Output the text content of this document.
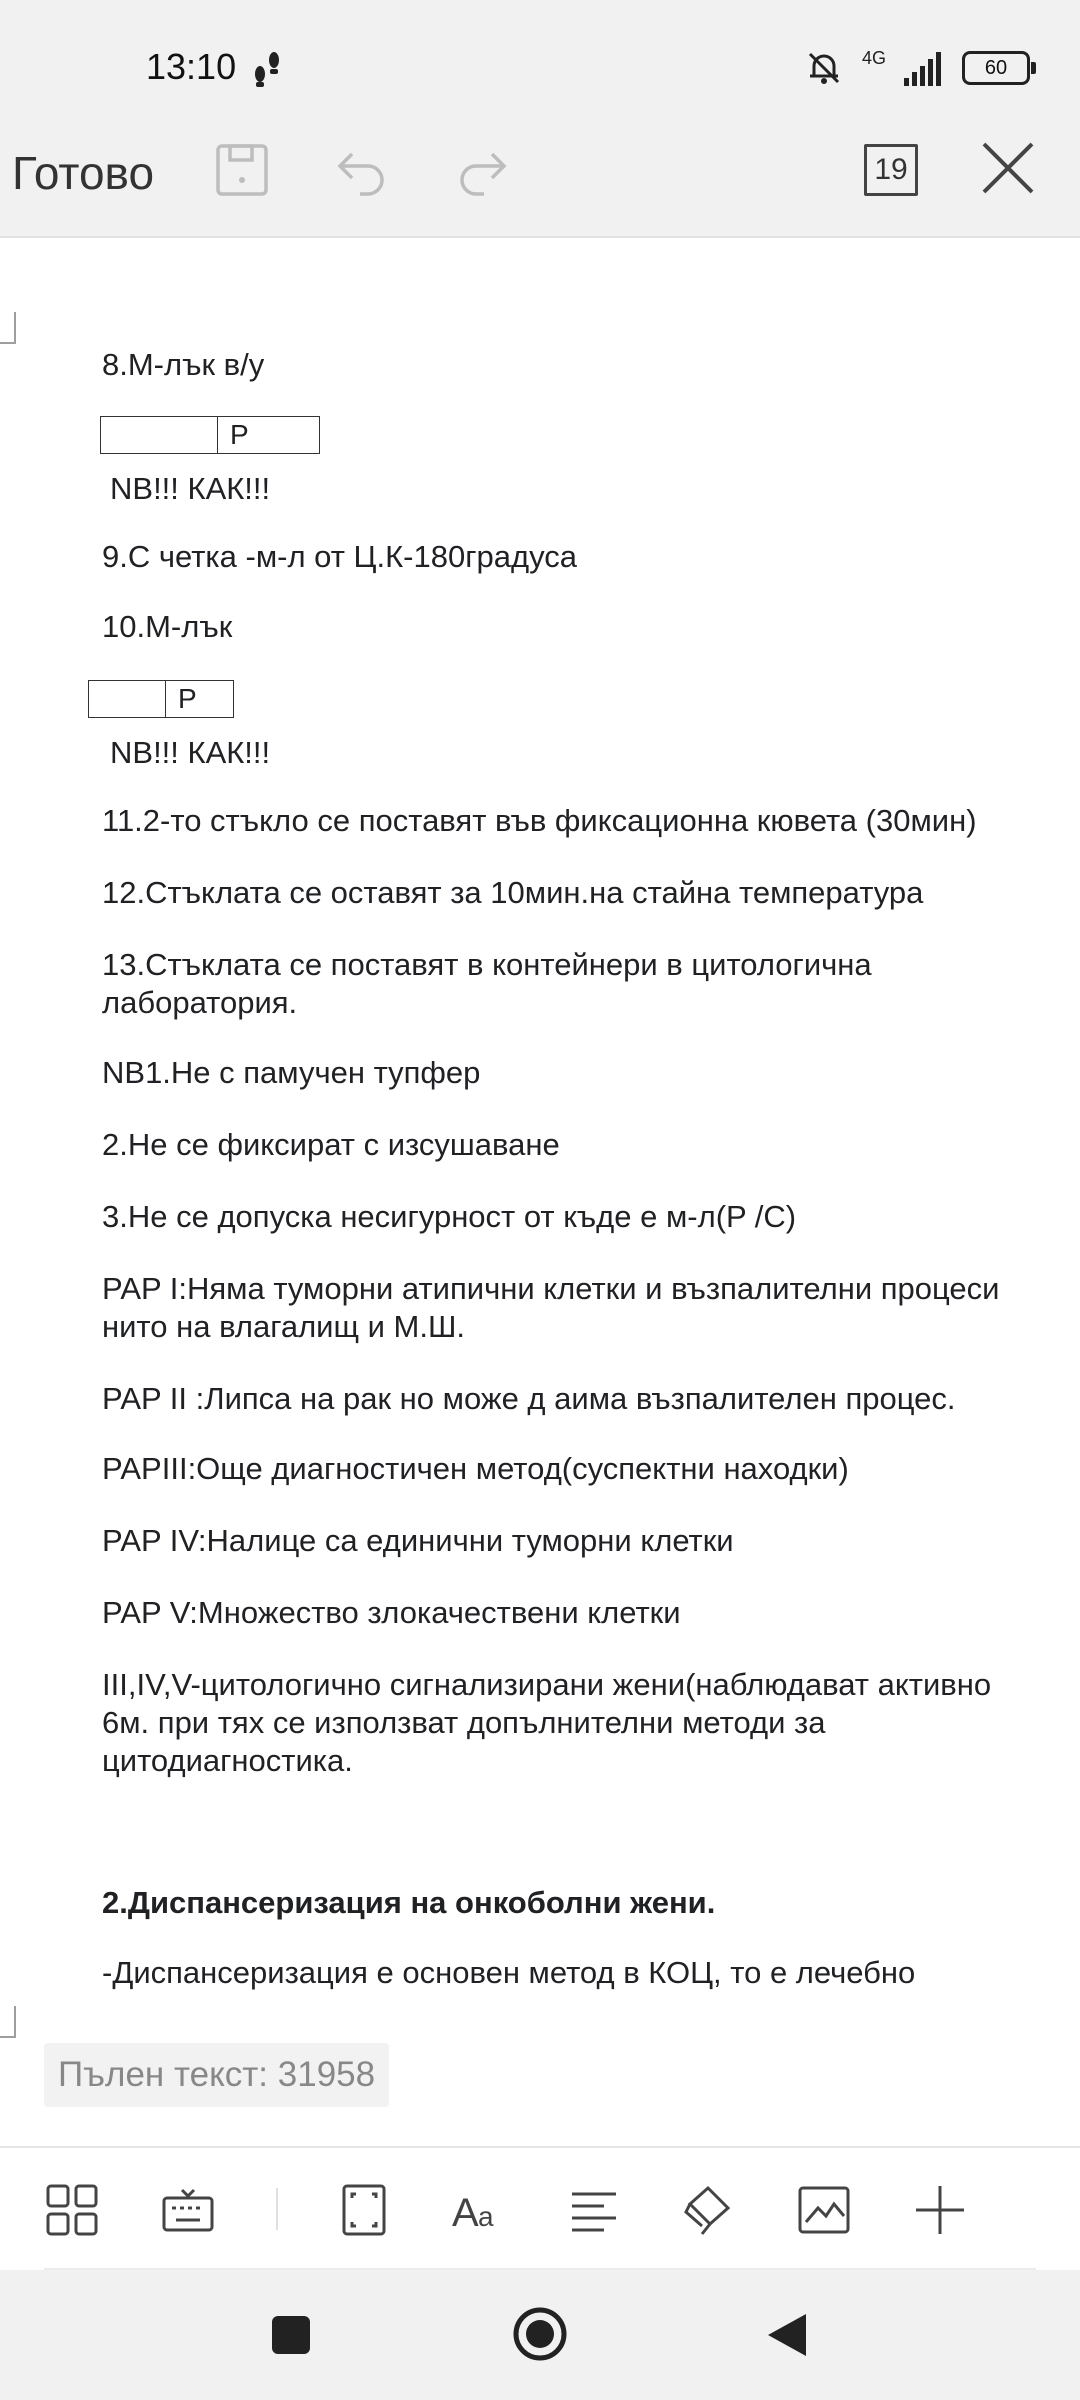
13:10	4G	60
Готово	19
8.М-лък в/у
	Р
NB!!! КАК!!!
9.С четка -м-л от Ц.К-180градуса
10.М-лък
	Р
NB!!! КАК!!!
11.2-то стъкло се поставят във фиксационна кювета (30мин)
12.Стъклата се оставят за 10мин.на стайна температура
13.Стъклата се поставят в контейнери в цитологична
лаборатория.
NB1.Не с памучен тупфер
2.Не се фиксират с изсушаване
3.Не се допуска несигурност от къде е м-л(P /C)
PAP I:Няма туморни атипични клетки и възпалителни процеси
нито на влагалищ и М.Ш.
PAP II :Липса на рак но може д аима възпалителен процес.
PAPIII:Още диагностичен метод(суспектни находки)
PAP IV:Налице са единични туморни клетки
PAP V:Множество злокачествени клетки
III,IV,V-цитологично сигнализирани жени(наблюдават активно
6м. при тях се използват допълнителни методи за
цитодиагностика.
2.Диспансеризация на онкоболни жени.
-Диспансеризация е основен метод в КОЦ, то е лечебно
Пълен текст: 31958
A a
